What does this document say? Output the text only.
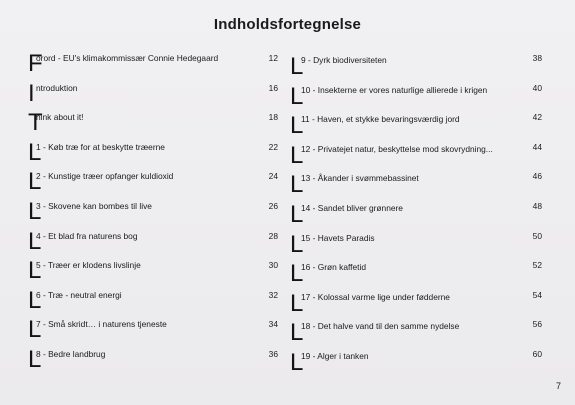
Indholdsfortegnelse
F
orord - EU's klimakommissær Connie Hedegaard	12
I ntroduktion	16
T
hink about it!	18
L
1 - Køb træ for at beskytte træerne	22
L
2 - Kunstige træer opfanger kuldioxid	24
L
3 - Skovene kan bombes til live	26
L
4 - Et blad fra naturens bog	28
L
5 - Træer er klodens livslinje	30
L
6 - Træ - neutral energi	32
L
7 - Små skridt… i naturens tjeneste	34
L
8 - Bedre landbrug	36
L
9 - Dyrk biodiversiteten	38
L
10 - Insekterne er vores naturlige allierede i krigen	40
L
11 - Haven, et stykke bevaringsværdig jord	42
L
12 - Privatejet natur, beskyttelse mod skovrydning...	44
L
13 - Åkander i svømmebassinet	46
L
14 - Sandet bliver grønnere	48
L
15 - Havets Paradis	50
L
16 - Grøn kaffetid	52
L
17 - Kolossal varme lige under fødderne	54
L
18 - Det halve vand til den samme nydelse	56
L
19 - Alger i tanken	60
7
